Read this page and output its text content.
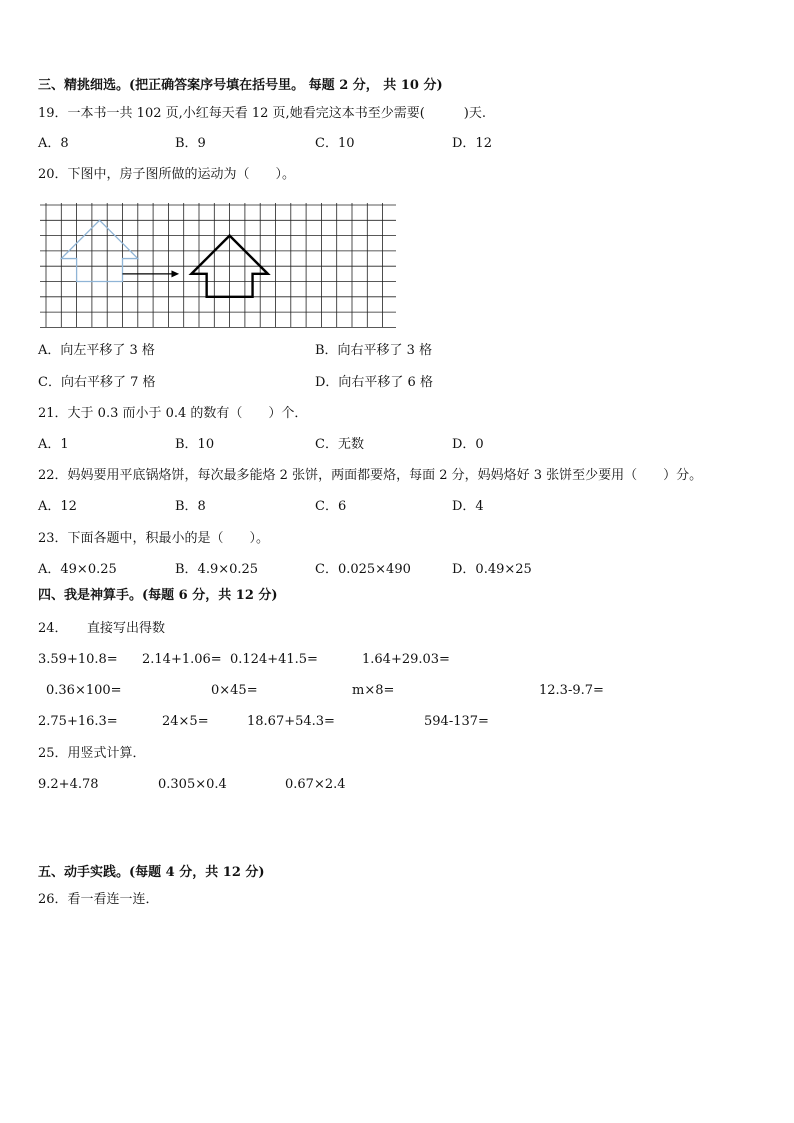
三、精挑细选。(把正确答案序号填在括号里。 每题 2 分， 共 10 分)
19．一本书一共 102 页,小红每天看 12 页,她看完这本书至少需要(　　　)天.
A．8	B．9	C．10	D．12
20．下图中，房子图所做的运动为（　　）。
A．向左平移了 3 格	B．向右平移了 3 格
C．向右平移了 7 格	D．向右平移了 6 格
21．大于 0.3 而小于 0.4 的数有（　　）个．
A．1	B．10	C．无数	D．0
22．妈妈要用平底锅烙饼，每次最多能烙 2 张饼，两面都要烙，每面 2 分，妈妈烙好 3 张饼至少要用（　　）分。
A．12	B．8	C．6	D．4
23．下面各题中，积最小的是（　　）。
A．49×0.25	B．4.9×0.25	C．0.025×490	D．0.49×25
四、我是神算手。(每题 6 分，共 12 分)
24．　　直接写出得数
3.59+10.8= 2.14+1.06= 0.124+41.5=	1.64+29.03=
0.36×100=	0×45=	m×8=	12.3-9.7=
2.75+16.3=	24×5=	18.67+54.3=	594-137=
25．用竖式计算．
9.2+4.78	0.305×0.4	0.67×2.4
五、动手实践。(每题 4 分，共 12 分)
26．看一看连一连．
